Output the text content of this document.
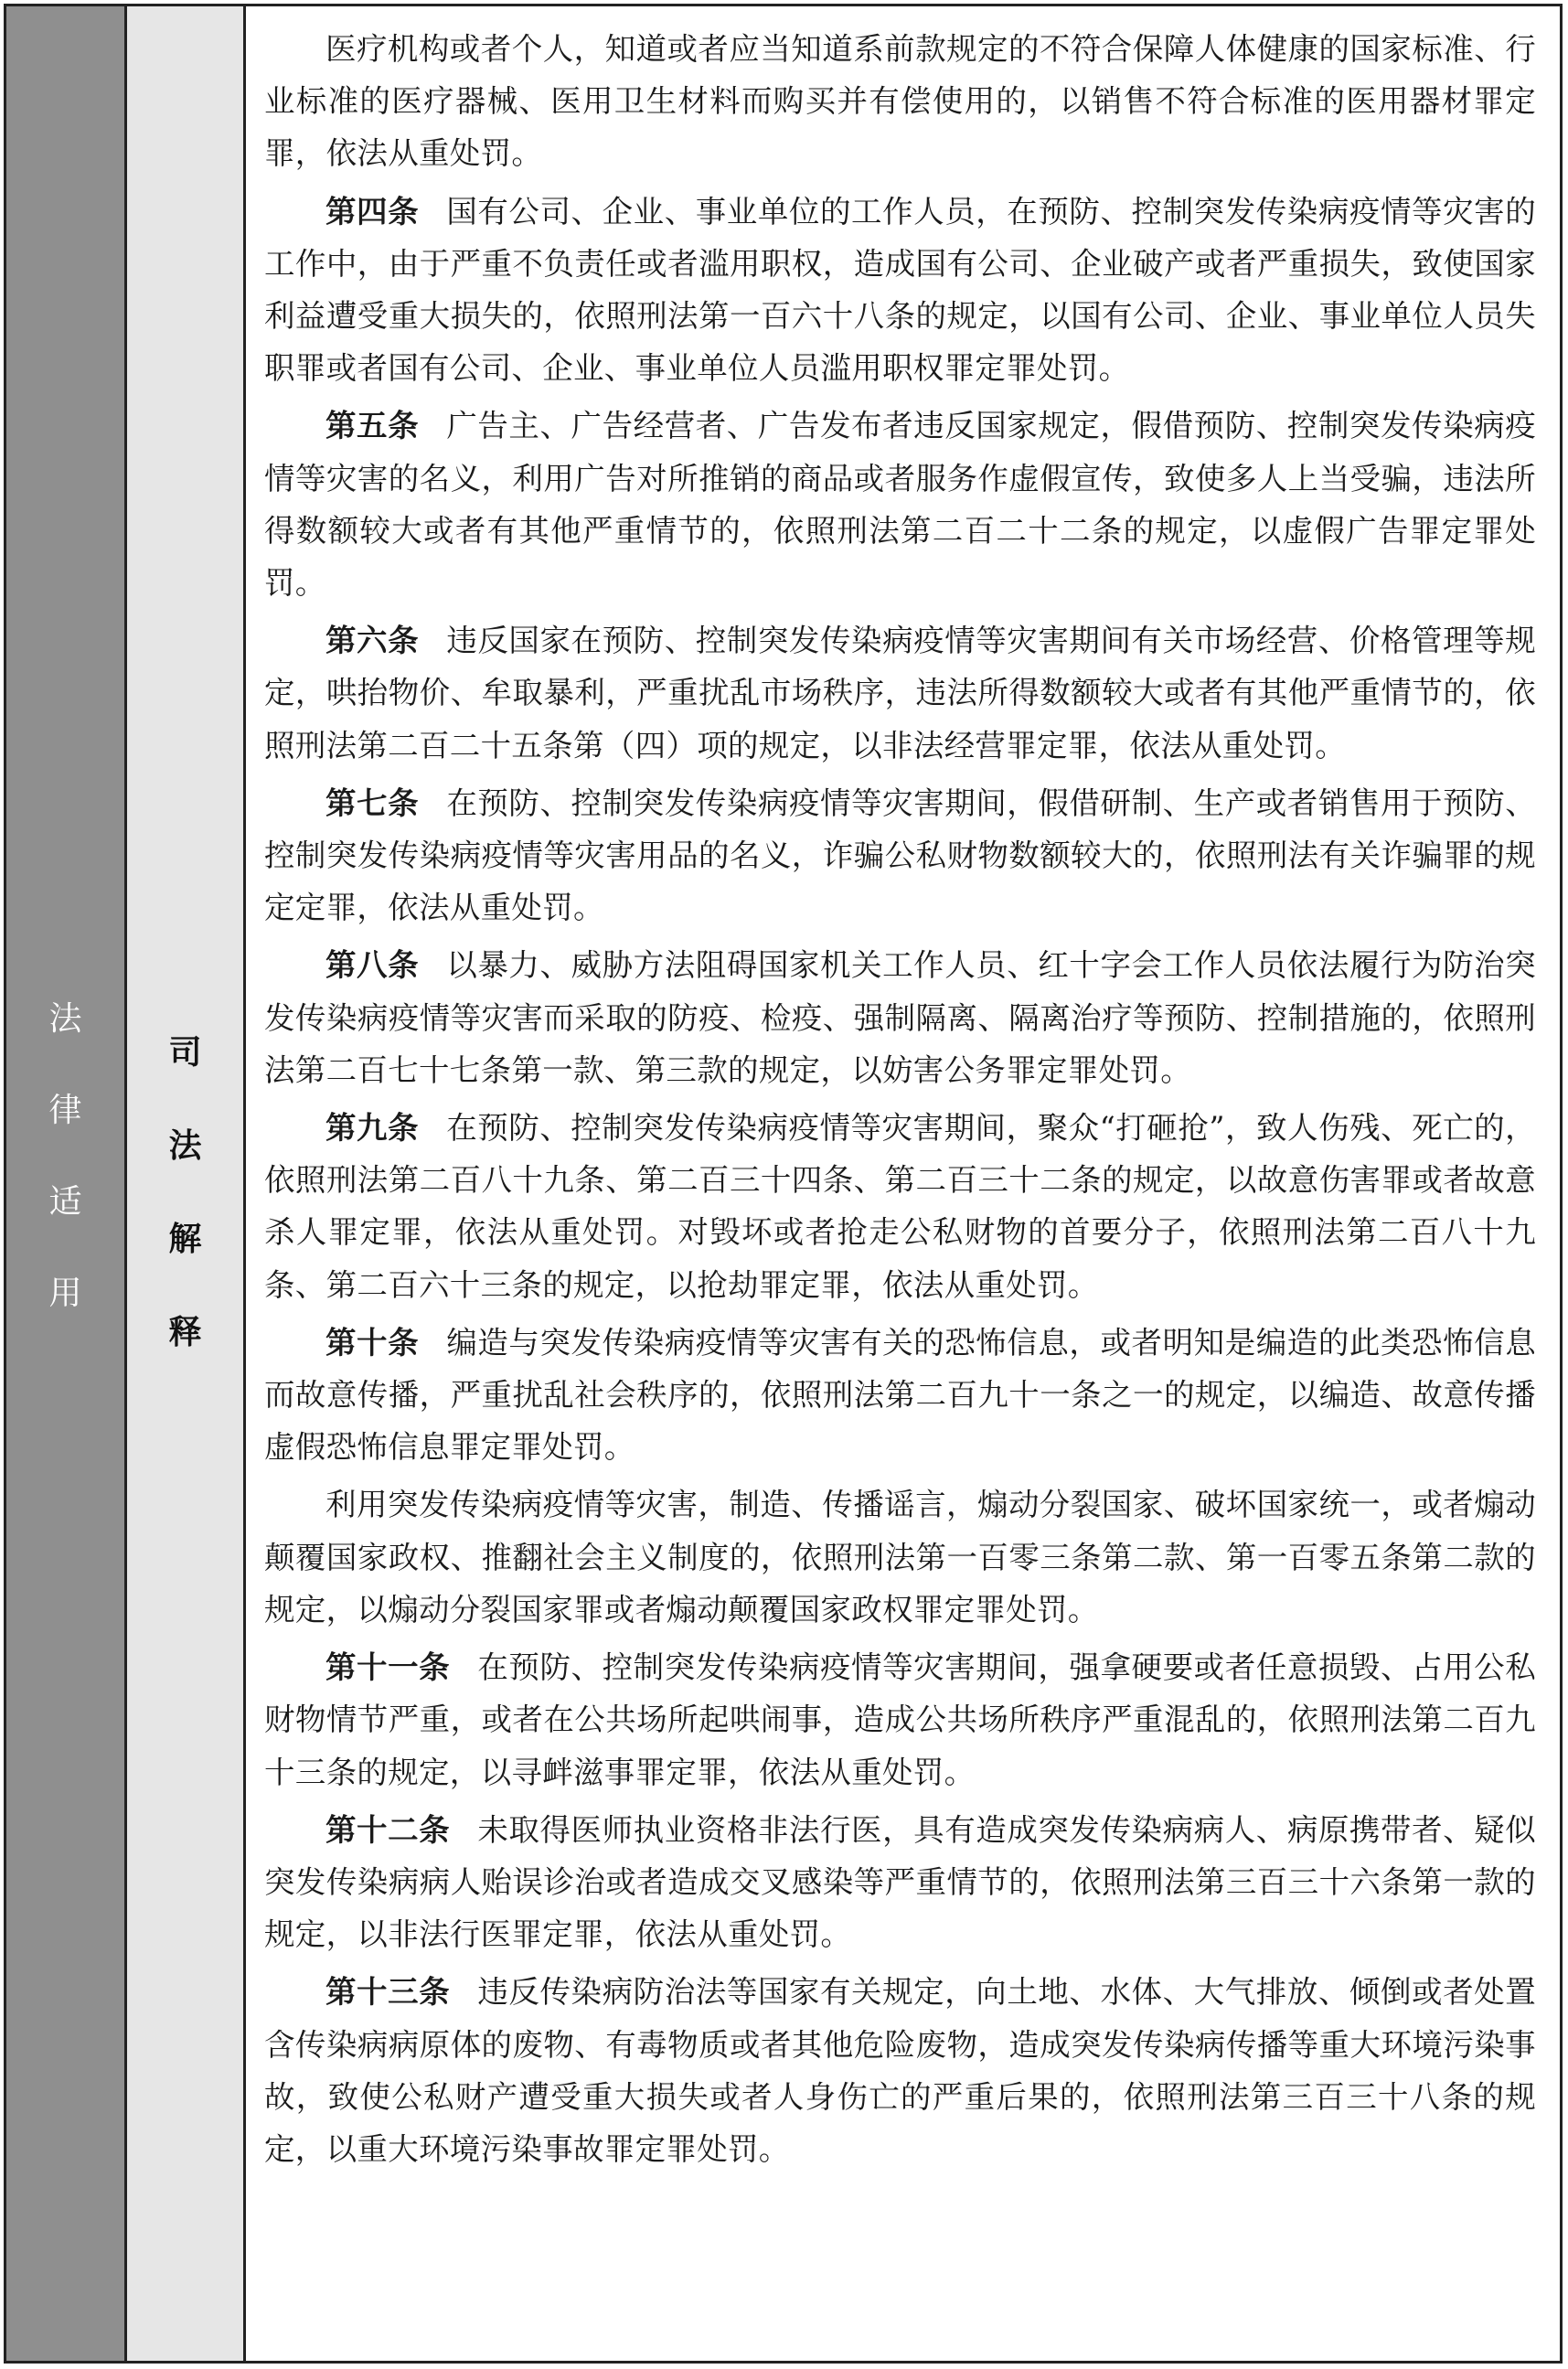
法
律
适
用
司
法
解
释

医疗机构或者个人，知道或者应当知道系前款规定的不符合保障人体健康的国家标准、行业标准的医疗器械、医用卫生材料而购买并有偿使用的，以销售不符合标准的医用器材罪定罪，依法从重处罚。

第四条 国有公司、企业、事业单位的工作人员，在预防、控制突发传染病疫情等灾害的工作中，由于严重不负责任或者滥用职权，造成国有公司、企业破产或者严重损失，致使国家利益遭受重大损失的，依照刑法第一百六十八条的规定，以国有公司、企业、事业单位人员失职罪或者国有公司、企业、事业单位人员滥用职权罪定罪处罚。

第五条 广告主、广告经营者、广告发布者违反国家规定，假借预防、控制突发传染病疫情等灾害的名义，利用广告对所推销的商品或者服务作虚假宣传，致使多人上当受骗，违法所得数额较大或者有其他严重情节的，依照刑法第二百二十二条的规定，以虚假广告罪定罪处罚。

第六条 违反国家在预防、控制突发传染病疫情等灾害期间有关市场经营、价格管理等规定，哄抬物价、牟取暴利，严重扰乱市场秩序，违法所得数额较大或者有其他严重情节的，依照刑法第二百二十五条第（四）项的规定，以非法经营罪定罪，依法从重处罚。

第七条 在预防、控制突发传染病疫情等灾害期间，假借研制、生产或者销售用于预防、控制突发传染病疫情等灾害用品的名义，诈骗公私财物数额较大的，依照刑法有关诈骗罪的规定定罪，依法从重处罚。

第八条 以暴力、威胁方法阻碍国家机关工作人员、红十字会工作人员依法履行为防治突发传染病疫情等灾害而采取的防疫、检疫、强制隔离、隔离治疗等预防、控制措施的，依照刑法第二百七十七条第一款、第三款的规定，以妨害公务罪定罪处罚。

第九条 在预防、控制突发传染病疫情等灾害期间，聚众“打砸抢”，致人伤残、死亡的，依照刑法第二百八十九条、第二百三十四条、第二百三十二条的规定，以故意伤害罪或者故意杀人罪定罪，依法从重处罚。对毁坏或者抢走公私财物的首要分子，依照刑法第二百八十九条、第二百六十三条的规定，以抢劫罪定罪，依法从重处罚。

第十条 编造与突发传染病疫情等灾害有关的恐怖信息，或者明知是编造的此类恐怖信息而故意传播，严重扰乱社会秩序的，依照刑法第二百九十一条之一的规定，以编造、故意传播虚假恐怖信息罪定罪处罚。

利用突发传染病疫情等灾害，制造、传播谣言，煽动分裂国家、破坏国家统一，或者煽动颠覆国家政权、推翻社会主义制度的，依照刑法第一百零三条第二款、第一百零五条第二款的规定，以煽动分裂国家罪或者煽动颠覆国家政权罪定罪处罚。

第十一条 在预防、控制突发传染病疫情等灾害期间，强拿硬要或者任意损毁、占用公私财物情节严重，或者在公共场所起哄闹事，造成公共场所秩序严重混乱的，依照刑法第二百九十三条的规定，以寻衅滋事罪定罪，依法从重处罚。

第十二条 未取得医师执业资格非法行医，具有造成突发传染病病人、病原携带者、疑似突发传染病病人贻误诊治或者造成交叉感染等严重情节的，依照刑法第三百三十六条第一款的规定，以非法行医罪定罪，依法从重处罚。

第十三条 违反传染病防治法等国家有关规定，向土地、水体、大气排放、倾倒或者处置含传染病病原体的废物、有毒物质或者其他危险废物，造成突发传染病传播等重大环境污染事故，致使公私财产遭受重大损失或者人身伤亡的严重后果的，依照刑法第三百三十八条的规定，以重大环境污染事故罪定罪处罚。
